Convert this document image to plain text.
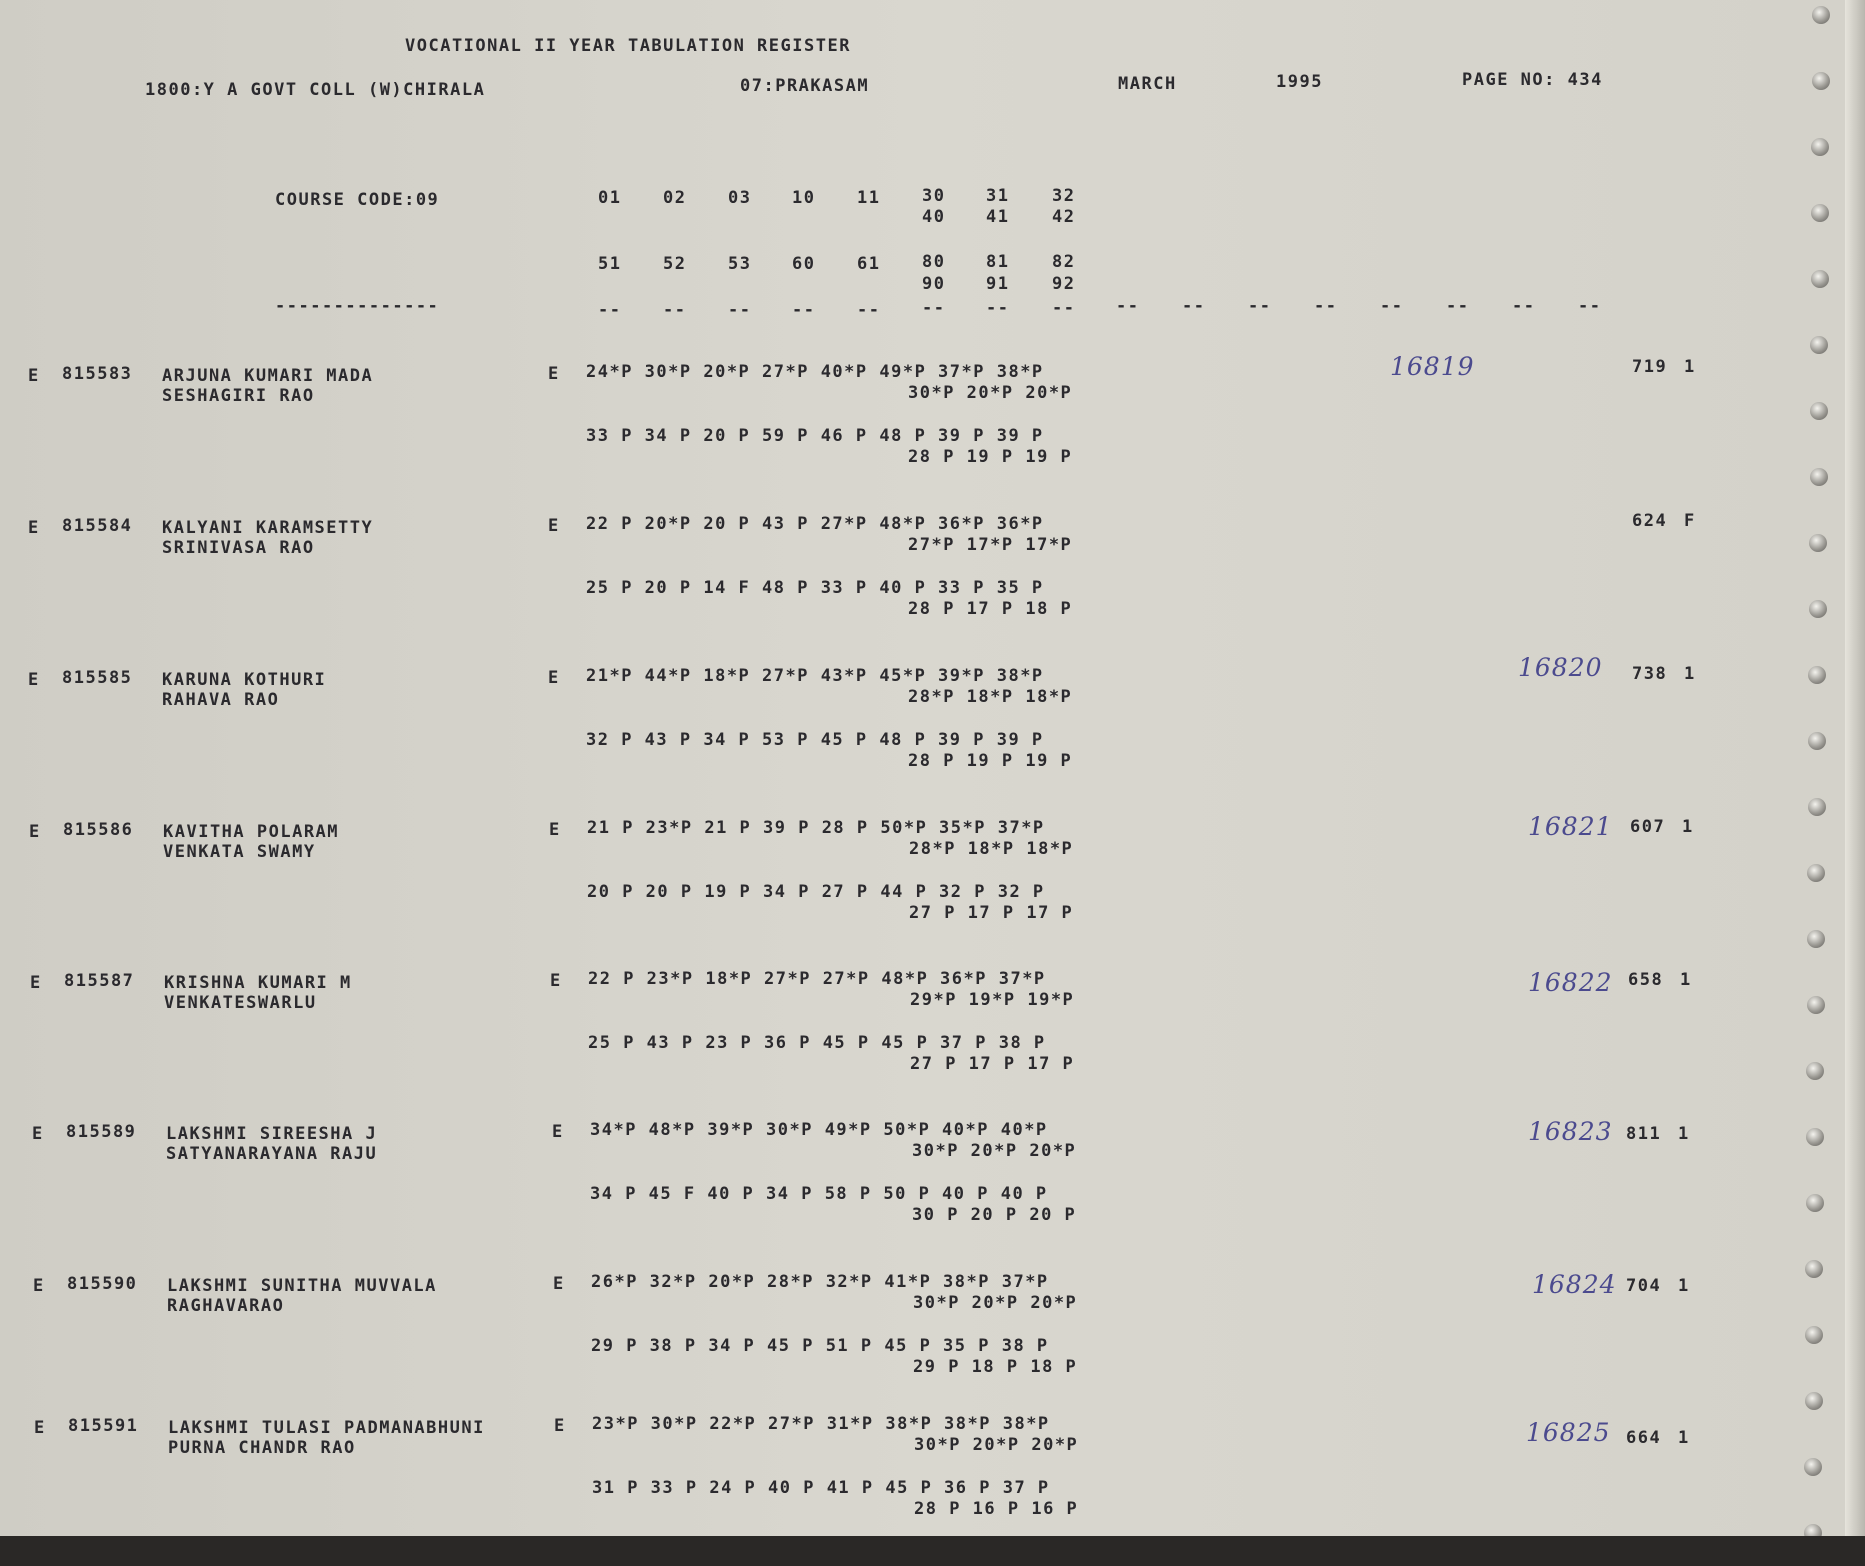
VOCATIONAL II YEAR TABULATION REGISTER
1800:Y A GOVT COLL (W)CHIRALA	07:PRAKASAM	MARCH	1995	PAGE NO: 434
COURSE CODE:09	01 02 03 10 11 30 31	32
40 41	42
51 52 53 60 61 80 81	82
90 91	92
--------------	-- -- -- -- -- -- --	-- --	--	--	--	--	--	--	--
E 815583 ARJUNA KUMARI MADA
SESHAGIRI RAO
E 24*P 30*P 20*P 27*P 40*P 49*P 37*P 38*P
30*P 20*P 20*P
33 P 34 P 20 P 59 P 46 P 48 P 39 P 39 P
28 P 19 P 19 P
16819	719 1
E 815584 KALYANI KARAMSETTY
SRINIVASA RAO
E 22 P 20*P 20 P 43 P 27*P 48*P 36*P 36*P
27*P 17*P 17*P
25 P 20 P 14 F 48 P 33 P 40 P 33 P 35 P
28 P 17 P 18 P
624 F
E 815585 KARUNA KOTHURI
RAHAVA RAO
E 21*P 44*P 18*P 27*P 43*P 45*P 39*P 38*P
28*P 18*P 18*P
32 P 43 P 34 P 53 P 45 P 48 P 39 P 39 P
28 P 19 P 19 P
16820 738 1
E 815586 KAVITHA POLARAM
VENKATA SWAMY
E 21 P 23*P 21 P 39 P 28 P 50*P 35*P 37*P
28*P 18*P 18*P
20 P 20 P 19 P 34 P 27 P 44 P 32 P 32 P
27 P 17 P 17 P
16821 607 1
E 815587 KRISHNA KUMARI M
VENKATESWARLU
E 22 P 23*P 18*P 27*P 27*P 48*P 36*P 37*P
29*P 19*P 19*P
25 P 43 P 23 P 36 P 45 P 45 P 37 P 38 P
27 P 17 P 17 P
16822 658 1
E 815589 LAKSHMI SIREESHA J
SATYANARAYANA RAJU
E 34*P 48*P 39*P 30*P 49*P 50*P 40*P 40*P
30*P 20*P 20*P
34 P 45 F 40 P 34 P 58 P 50 P 40 P 40 P
30 P 20 P 20 P
16823 811 1
E 815590 LAKSHMI SUNITHA MUVVALA
RAGHAVARAO
E 26*P 32*P 20*P 28*P 32*P 41*P 38*P 37*P
30*P 20*P 20*P
29 P 38 P 34 P 45 P 51 P 45 P 35 P 38 P
29 P 18 P 18 P
16824 704 1
E 815591 LAKSHMI TULASI PADMANABHUNI
PURNA CHANDR RAO
E 23*P 30*P 22*P 27*P 31*P 38*P 38*P 38*P
30*P 20*P 20*P
31 P 33 P 24 P 40 P 41 P 45 P 36 P 37 P
28 P 16 P 16 P
16825 664 1
